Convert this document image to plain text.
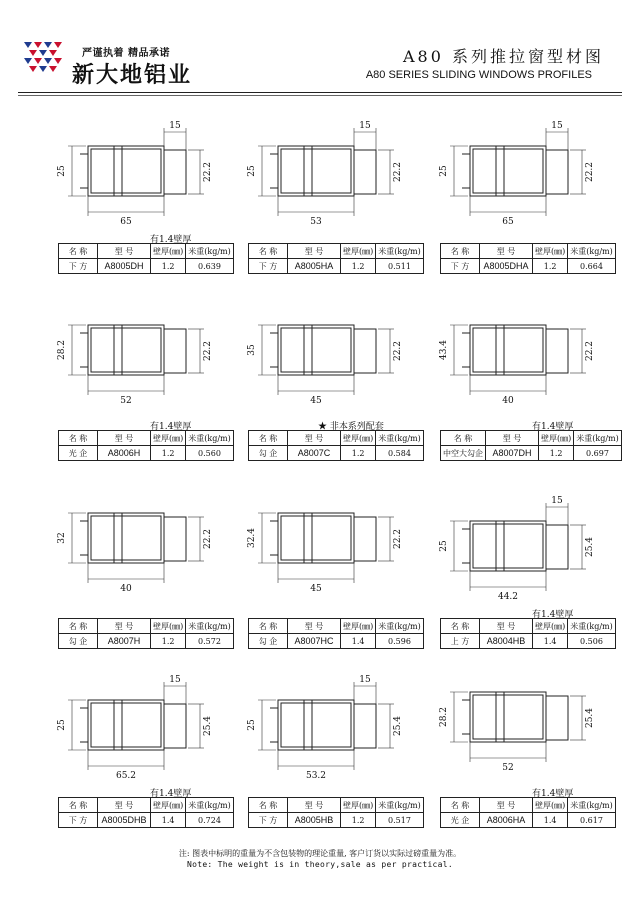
严谨执着 精品承诺
新大地铝业
A80 系列推拉窗型材图
A80 SERIES SLIDING WINDOWS PROFILES
65
25	22.2
15
有1.4壁厚
名 称	型 号	壁厚(㎜)	米重(kg/m)
下 方	A8005DH	1.2	0.639
53
25	22.2
15
名 称	型 号	壁厚(㎜)	米重(kg/m)
下 方	A8005HA	1.2	0.511
65
25	22.2
15
名 称	型 号	壁厚(㎜)	米重(kg/m)
下 方	A8005DHA	1.2	0.664
52
28.2	22.2
有1.4壁厚
名 称	型 号	壁厚(㎜)	米重(kg/m)
光 企	A8006H	1.2	0.560
45
35	22.2
★ 非本系列配套
名 称	型 号	壁厚(㎜)	米重(kg/m)
勾 企	A8007C	1.2	0.584
40
43.4	22.2
有1.4壁厚
名 称	型 号	壁厚(㎜)	米重(kg/m)
中空大勾企	A8007DH	1.2	0.697
40
32	22.2
名 称	型 号	壁厚(㎜)	米重(kg/m)
勾 企	A8007H	1.2	0.572
45
32.4	22.2
名 称	型 号	壁厚(㎜)	米重(kg/m)
勾 企	A8007HC	1.4	0.596
44.2
25	25.4
15
有1.4壁厚
名 称	型 号	壁厚(㎜)	米重(kg/m)
上 方	A8004HB	1.4	0.506
65.2
25	25.4
15
有1.4壁厚
名 称	型 号	壁厚(㎜)	米重(kg/m)
下 方	A8005DHB	1.4	0.724
53.2
25	25.4
15
名 称	型 号	壁厚(㎜)	米重(kg/m)
下 方	A8005HB	1.2	0.517
52
28.2	25.4
有1.4壁厚
名 称	型 号	壁厚(㎜)	米重(kg/m)
光 企	A8006HA	1.4	0.617
注: 图表中标明的重量为不含包装物的理论重量, 客户订货以实际过磅重量为准。
Note: The weight is in theory,sale as per practical.
